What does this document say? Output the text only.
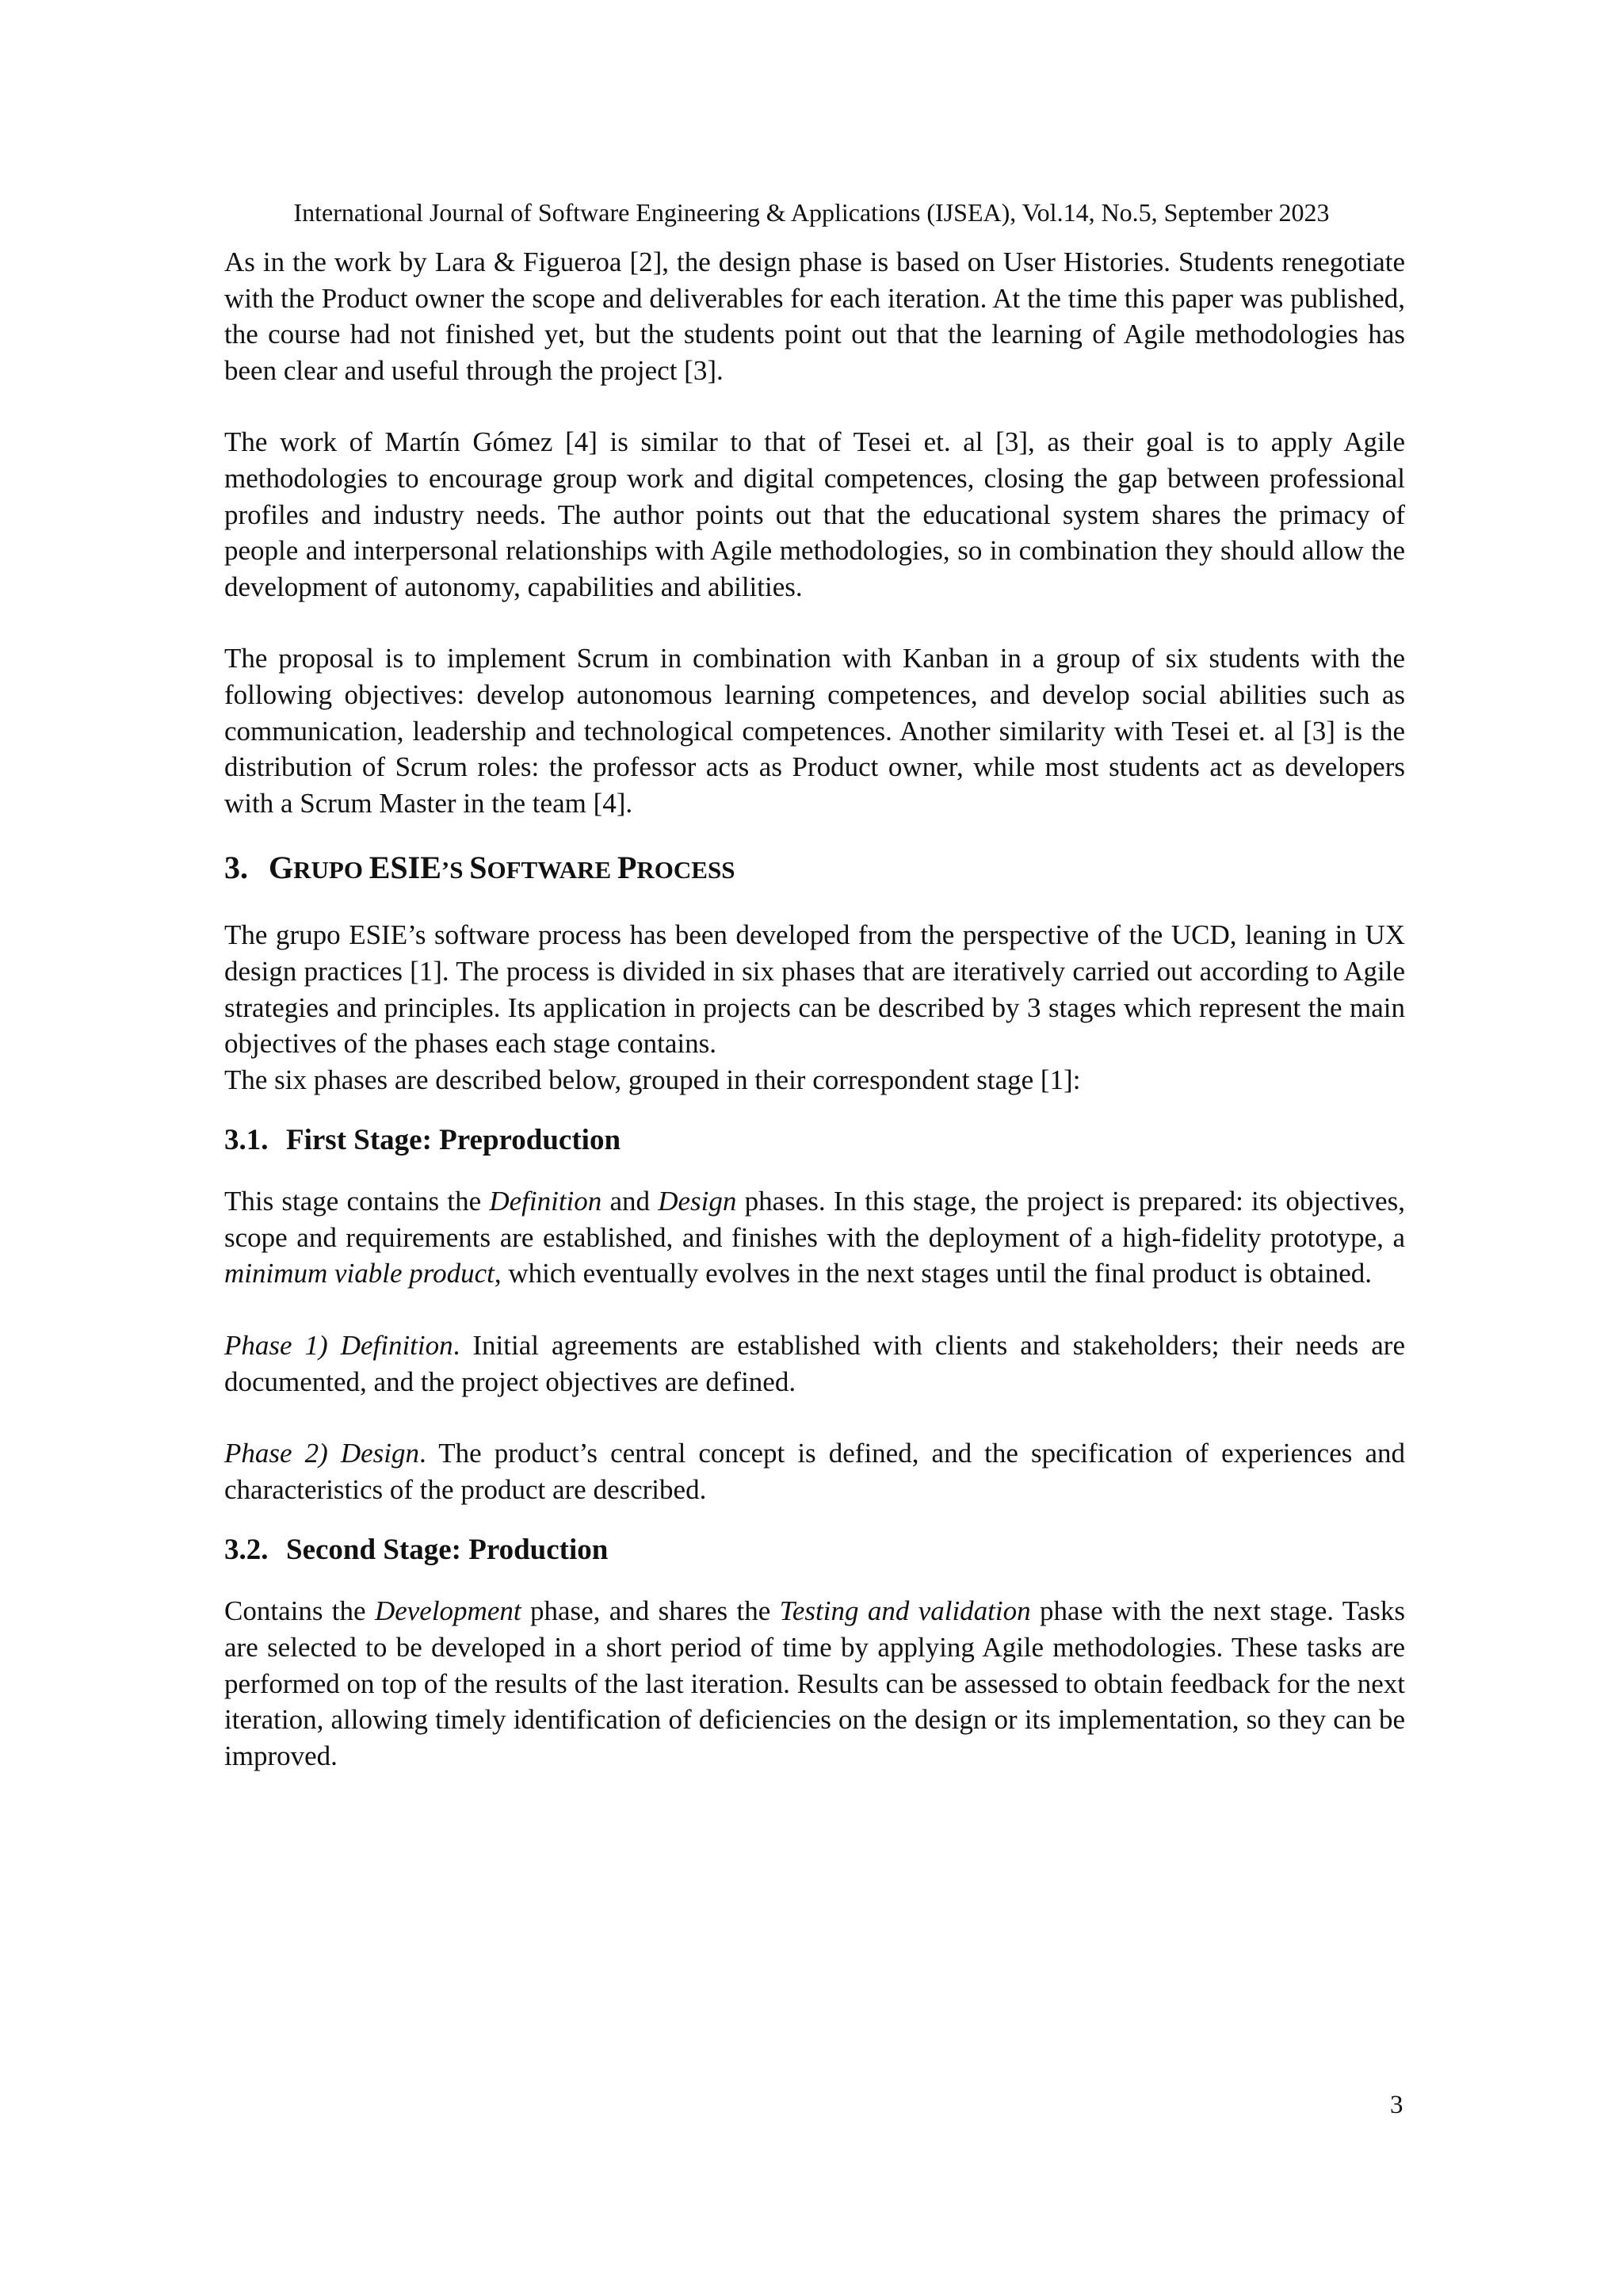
International Journal of Software Engineering & Applications (IJSEA), Vol.14, No.5, September 2023

As in the work by Lara & Figueroa [2], the design phase is based on User Histories. Students renegotiate with the Product owner the scope and deliverables for each iteration. At the time this paper was published, the course had not finished yet, but the students point out that the learning of Agile methodologies has been clear and useful through the project [3].

The work of Martín Gómez [4] is similar to that of Tesei et. al [3], as their goal is to apply Agile methodologies to encourage group work and digital competences, closing the gap between professional profiles and industry needs. The author points out that the educational system shares the primacy of people and interpersonal relationships with Agile methodologies, so in combination they should allow the development of autonomy, capabilities and abilities.

The proposal is to implement Scrum in combination with Kanban in a group of six students with the following objectives: develop autonomous learning competences, and develop social abilities such as communication, leadership and technological competences. Another similarity with Tesei et. al [3] is the distribution of Scrum roles: the professor acts as Product owner, while most students act as developers with a Scrum Master in the team [4].

3. GRUPO ESIE’S SOFTWARE PROCESS

The grupo ESIE’s software process has been developed from the perspective of the UCD, leaning in UX design practices [1]. The process is divided in six phases that are iteratively carried out according to Agile strategies and principles. Its application in projects can be described by 3 stages which represent the main objectives of the phases each stage contains.

The six phases are described below, grouped in their correspondent stage [1]:

3.1. First Stage: Preproduction

This stage contains the Definition and Design phases. In this stage, the project is prepared: its objectives, scope and requirements are established, and finishes with the deployment of a high-fidelity prototype, a minimum viable product, which eventually evolves in the next stages until the final product is obtained.

Phase 1) Definition. Initial agreements are established with clients and stakeholders; their needs are documented, and the project objectives are defined.

Phase 2) Design. The product’s central concept is defined, and the specification of experiences and characteristics of the product are described.

3.2. Second Stage: Production

Contains the Development phase, and shares the Testing and validation phase with the next stage. Tasks are selected to be developed in a short period of time by applying Agile methodologies. These tasks are performed on top of the results of the last iteration. Results can be assessed to obtain feedback for the next iteration, allowing timely identification of deficiencies on the design or its implementation, so they can be improved.

3
